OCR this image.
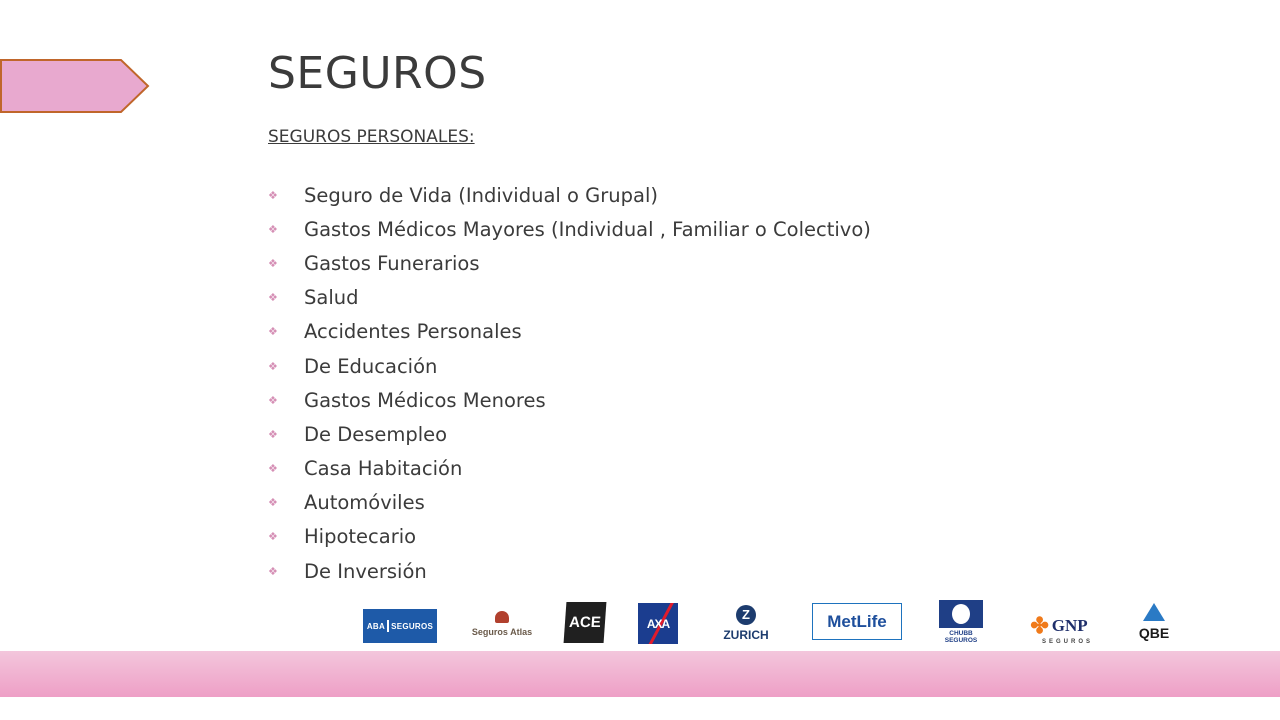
SEGUROS

SEGUROS PERSONALES:

❖	Seguro de Vida (Individual o Grupal)
❖	Gastos Médicos Mayores (Individual , Familiar o Colectivo)
❖	Gastos Funerarios
❖	Salud
❖	Accidentes Personales
❖	De Educación
❖	Gastos Médicos Menores
❖	De Desempleo
❖	Casa Habitación
❖	Automóviles
❖	Hipotecario
❖	De Inversión
ABA SEGUROS
Seguros Atlas
ACE	AXA
Z
ZURICH
MetLife
CHUBB SEGUROS
✤ GNP
SEGUROS
QBE
